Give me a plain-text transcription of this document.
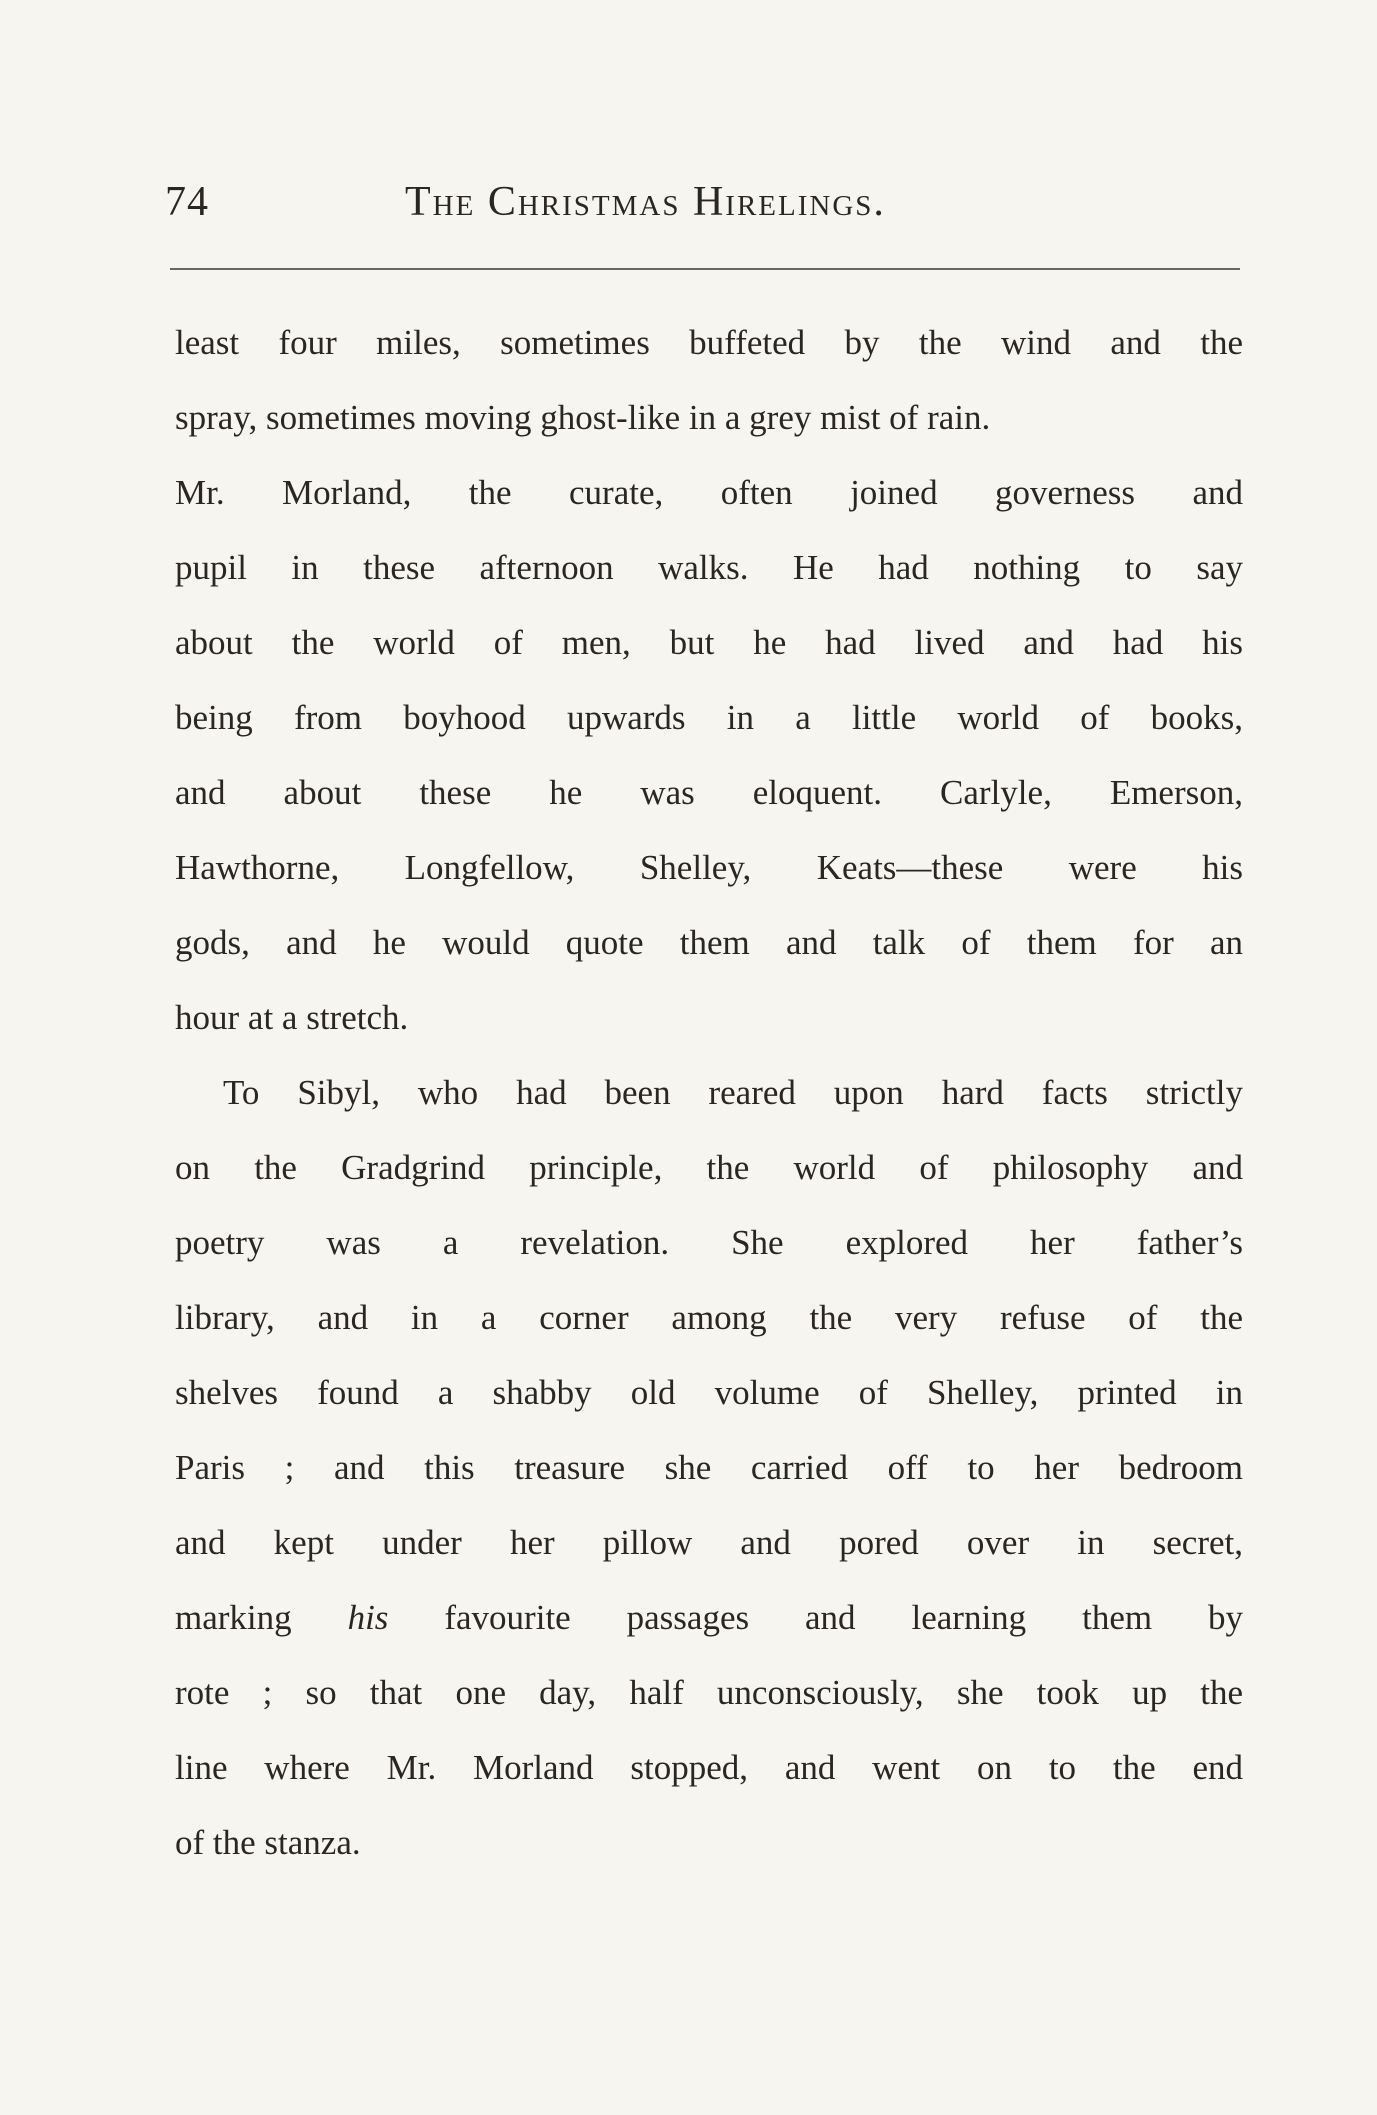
74	The Christmas Hirelings.
least four miles, sometimes buffeted by the wind and the
spray, sometimes moving ghost-like in a grey mist of rain.
Mr. Morland, the curate, often joined governess and
pupil in these afternoon walks. He had nothing to say
about the world of men, but he had lived and had his
being from boyhood upwards in a little world of books,
and about these he was eloquent. Carlyle, Emerson,
Hawthorne, Longfellow, Shelley, Keats—these were his
gods, and he would quote them and talk of them for an
hour at a stretch.
To Sibyl, who had been reared upon hard facts strictly
on the Gradgrind principle, the world of philosophy and
poetry was a revelation. She explored her father’s
library, and in a corner among the very refuse of the
shelves found a shabby old volume of Shelley, printed in
Paris ; and this treasure she carried off to her bedroom
and kept under her pillow and pored over in secret,
marking his favourite passages and learning them by
rote ; so that one day, half unconsciously, she took up the
line where Mr. Morland stopped, and went on to the end
of the stanza.
